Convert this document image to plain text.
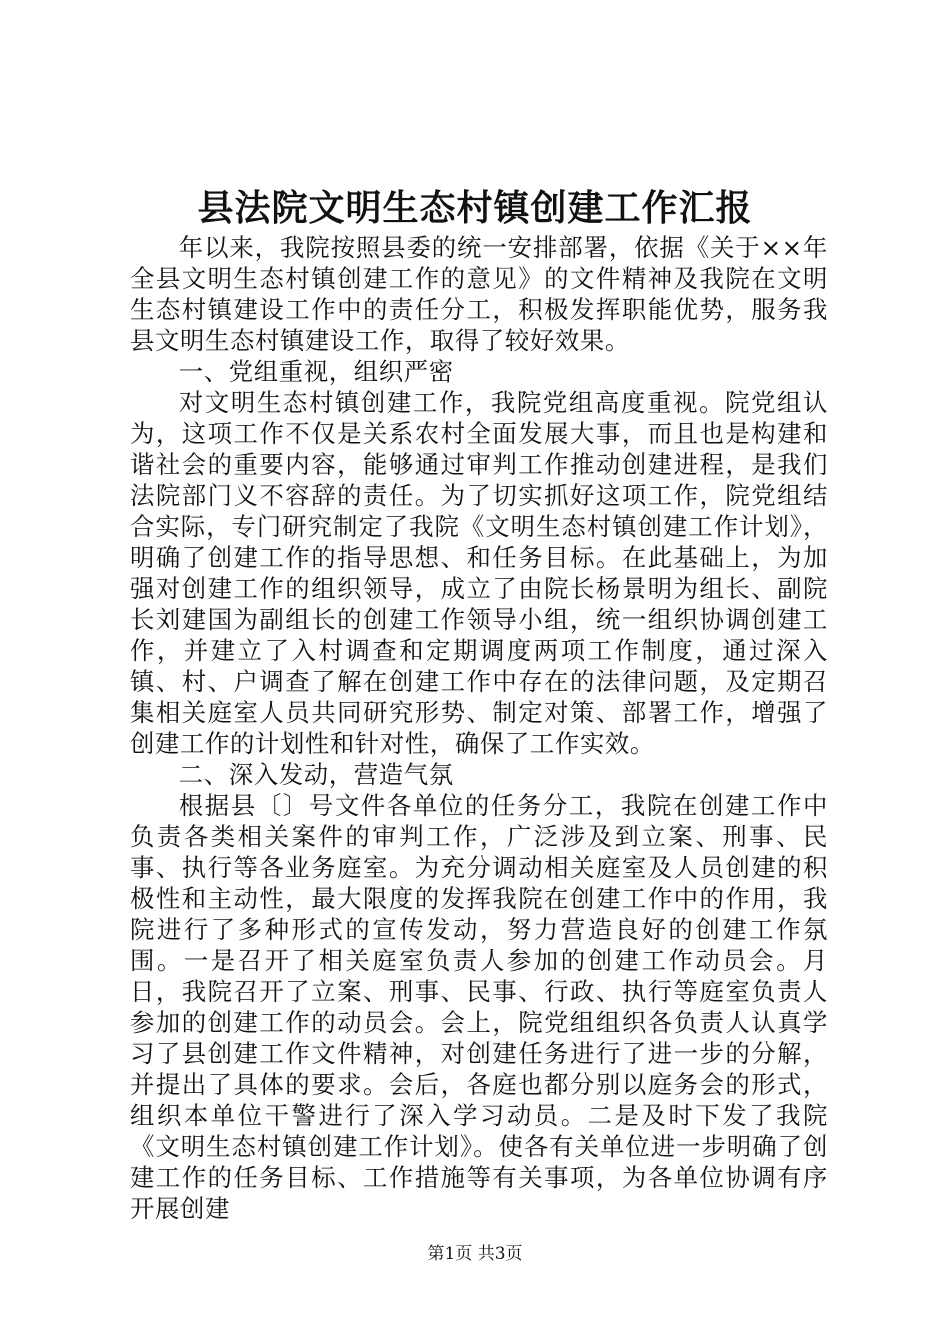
县法院文明生态村镇创建工作汇报

年以来，我院按照县委的统一安排部署，依据《关于××年全县文明生态村镇创建工作的意见》的文件精神及我院在文明生态村镇建设工作中的责任分工，积极发挥职能优势，服务我县文明生态村镇建设工作，取得了较好效果。

一、党组重视，组织严密

对文明生态村镇创建工作，我院党组高度重视。院党组认为，这项工作不仅是关系农村全面发展大事，而且也是构建和谐社会的重要内容，能够通过审判工作推动创建进程，是我们法院部门义不容辞的责任。为了切实抓好这项工作，院党组结合实际，专门研究制定了我院《文明生态村镇创建工作计划》，明确了创建工作的指导思想、和任务目标。在此基础上，为加强对创建工作的组织领导，成立了由院长杨景明为组长、副院长刘建国为副组长的创建工作领导小组，统一组织协调创建工作，并建立了入村调查和定期调度两项工作制度，通过深入镇、村、户调查了解在创建工作中存在的法律问题，及定期召集相关庭室人员共同研究形势、制定对策、部署工作，增强了创建工作的计划性和针对性，确保了工作实效。

二、深入发动，营造气氛

根据县〔〕号文件各单位的任务分工，我院在创建工作中负责各类相关案件的审判工作，广泛涉及到立案、刑事、民事、执行等各业务庭室。为充分调动相关庭室及人员创建的积极性和主动性，最大限度的发挥我院在创建工作中的作用，我院进行了多种形式的宣传发动，努力营造良好的创建工作氛围。一是召开了相关庭室负责人参加的创建工作动员会。月日，我院召开了立案、刑事、民事、行政、执行等庭室负责人参加的创建工作的动员会。会上，院党组组织各负责人认真学习了县创建工作文件精神，对创建任务进行了进一步的分解，并提出了具体的要求。会后，各庭也都分别以庭务会的形式，组织本单位干警进行了深入学习动员。二是及时下发了我院《文明生态村镇创建工作计划》。使各有关单位进一步明确了创建工作的任务目标、工作措施等有关事项，为各单位协调有序开展创建

第1页 共3页
